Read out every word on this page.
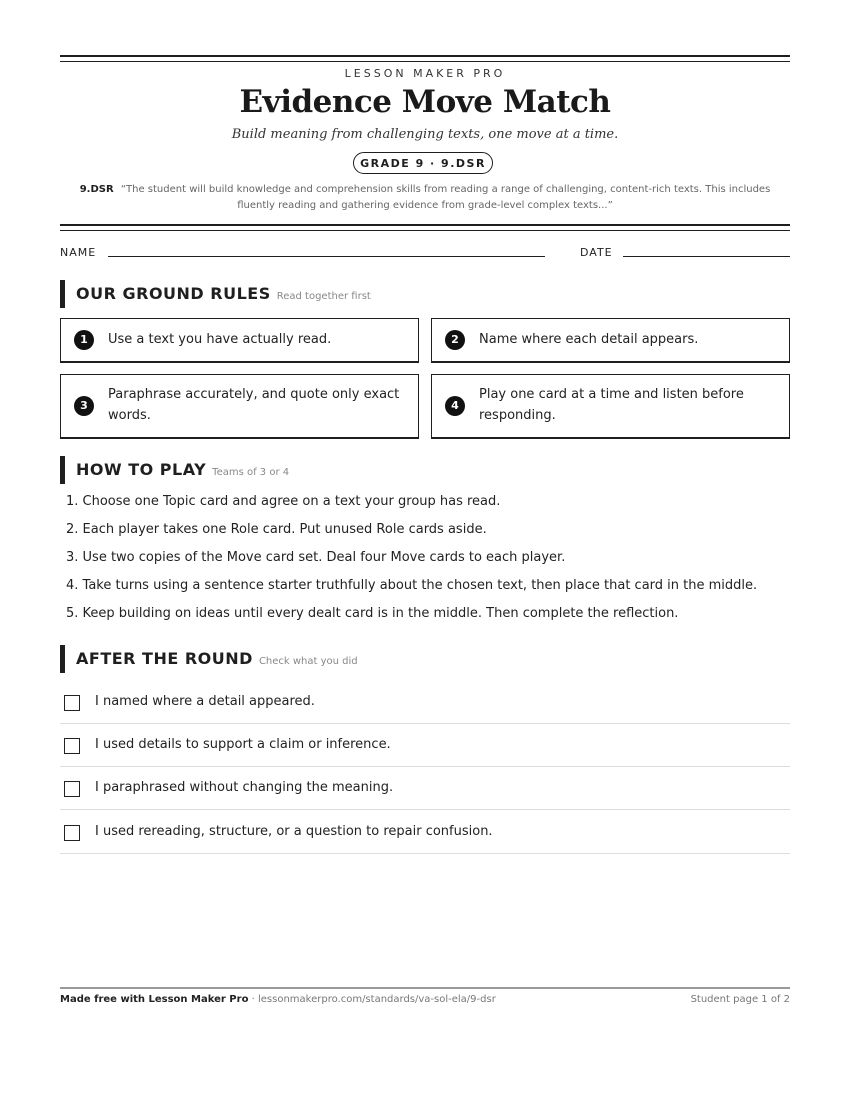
LESSON MAKER PRO
Evidence Move Match
Build meaning from challenging texts, one move at a time.
GRADE 9 · 9.DSR
9.DSR “The student will build knowledge and comprehension skills from reading a range of challenging, content-rich texts. This includes fluently reading and gathering evidence from grade-level complex texts...”
NAME	DATE
OUR GROUND RULES Read together first
1	Use a text you have actually read.	2	Name where each detail appears.
3
Paraphrase accurately, and quote only exact words.
4
Play one card at a time and listen before responding.
HOW TO PLAY Teams of 3 or 4
1. Choose one Topic card and agree on a text your group has read.
2. Each player takes one Role card. Put unused Role cards aside.
3. Use two copies of the Move card set. Deal four Move cards to each player.
4. Take turns using a sentence starter truthfully about the chosen text, then place that card in the middle.
5. Keep building on ideas until every dealt card is in the middle. Then complete the reflection.
AFTER THE ROUND Check what you did
I named where a detail appeared.
I used details to support a claim or inference.
I paraphrased without changing the meaning.
I used rereading, structure, or a question to repair confusion.
Made free with Lesson Maker Pro · lessonmakerpro.com/standards/va-sol-ela/9-dsr	Student page 1 of 2
